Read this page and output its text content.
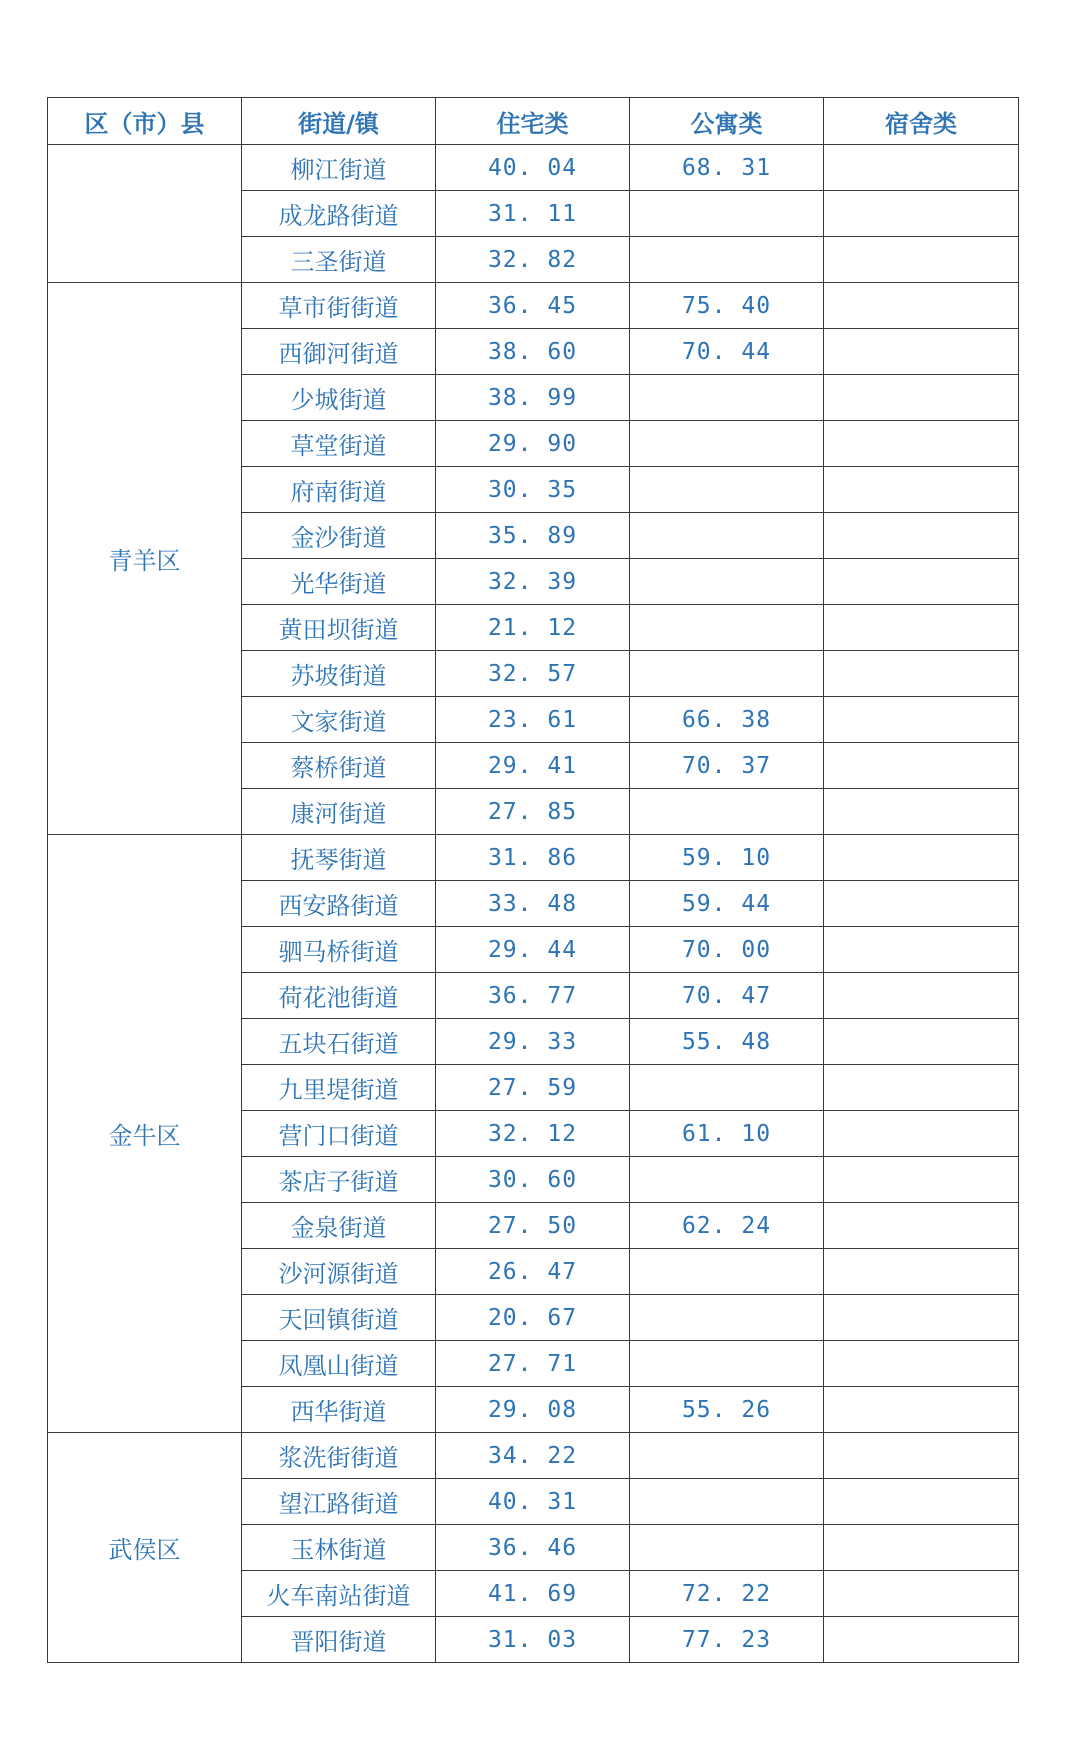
区（市）县	街道/镇	住宅类	公寓类	宿舍类
	柳江街道	40. 04	68. 31	
	成龙路街道	31. 11		
	三圣街道	32. 82		
青羊区	草市街街道	36. 45	75. 40	
	西御河街道	38. 60	70. 44	
	少城街道	38. 99		
	草堂街道	29. 90		
	府南街道	30. 35		
	金沙街道	35. 89		
	光华街道	32. 39		
	黄田坝街道	21. 12		
	苏坡街道	32. 57		
	文家街道	23. 61	66. 38	
	蔡桥街道	29. 41	70. 37	
	康河街道	27. 85		
金牛区	抚琴街道	31. 86	59. 10	
	西安路街道	33. 48	59. 44	
	驷马桥街道	29. 44	70. 00	
	荷花池街道	36. 77	70. 47	
	五块石街道	29. 33	55. 48	
	九里堤街道	27. 59		
	营门口街道	32. 12	61. 10	
	茶店子街道	30. 60		
	金泉街道	27. 50	62. 24	
	沙河源街道	26. 47		
	天回镇街道	20. 67		
	凤凰山街道	27. 71		
	西华街道	29. 08	55. 26	
武侯区	浆洗街街道	34. 22		
	望江路街道	40. 31		
	玉林街道	36. 46		
	火车南站街道	41. 69	72. 22	
	晋阳街道	31. 03	77. 23	
